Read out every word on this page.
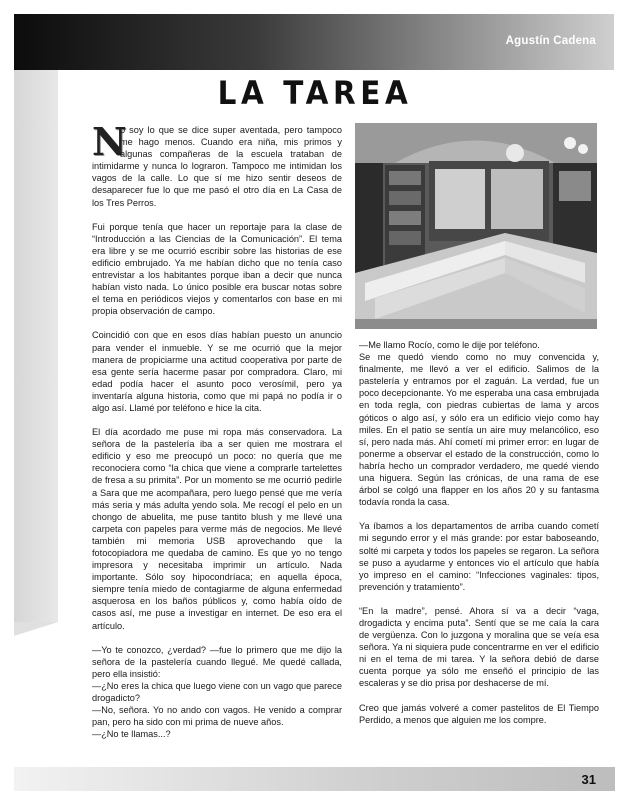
Agustín Cadena
LA TAREA

N
o soy lo que se dice super aventada, pero tampoco me hago menos. Cuando era niña, mis primos y algunas compañeras de la escuela trataban de intimidarme y nunca lo lograron. Tampoco me intimidan los vagos de la calle. Lo que sí me hizo sentir deseos de desaparecer fue lo que me pasó el otro día en La Casa de los Tres Perros.

Fui porque tenía que hacer un reportaje para la clase de “Introducción a las Ciencias de la Comunicación”. El tema era libre y se me ocurrió escribir sobre las historias de ese edificio embrujado. Ya me habían dicho que no tenía caso entrevistar a los habitantes porque iban a decir que nunca habían visto nada. Lo único posible era buscar notas sobre el tema en periódicos viejos y comentarlos con base en mi propia observación de campo.

Coincidió con que en esos días habían puesto un anuncio para vender el inmueble. Y se me ocurrió que la mejor manera de propiciarme una actitud cooperativa por parte de esa gente sería hacerme pasar por compradora. Claro, mi edad podía hacer el asunto poco verosímil, pero ya inventaría alguna historia, como que mi papá no podía ir o algo así. Llamé por teléfono e hice la cita.

El día acordado me puse mi ropa más conservadora. La señora de la pastelería iba a ser quien me mostrara el edificio y eso me preocupó un poco: no quería que me reconociera como “la chica que viene a comprarle tartelettes de fresa a su primita”. Por un momento se me ocurrió pedirle a Sara que me acompañara, pero luego pensé que me vería más seria y más adulta yendo sola. Me recogí el pelo en un chongo de abuelita, me puse tantito blush y me llevé una carpeta con papeles para verme más de negocios. Me llevé también mi memoria USB aprovechando que la fotocopiadora me quedaba de camino. Es que yo no tengo impresora y necesitaba imprimir un artículo. Nada importante. Sólo soy hipocondríaca; en aquella época, siempre tenía miedo de contagiarme de alguna enfermedad asquerosa en los baños públicos y, como había oído de casos así, me puse a investigar en internet. De eso era el artículo.

—Yo te conozco, ¿verdad? —fue lo primero que me dijo la señora de la pastelería cuando llegué. Me quedé callada, pero ella insistió:

—¿No eres la chica que luego viene con un vago que parece drogadicto?

—No, señora. Yo no ando con vagos. He venido a comprar pan, pero ha sido con mi prima de nueve años.

—¿No te llamas...?

—Me llamo Rocío, como le dije por teléfono.

Se me quedó viendo como no muy convencida y, finalmente, me llevó a ver el edificio. Salimos de la pastelería y entramos por el zaguán. La verdad, fue un poco decepcionante. Yo me esperaba una casa embrujada en toda regla, con piedras cubiertas de lama y arcos góticos o algo así, y sólo era un edificio viejo como hay miles. En el patio se sentía un aire muy melancólico, eso sí, pero nada más. Ahí cometí mi primer error: en lugar de ponerme a observar el estado de la construcción, como lo habría hecho un comprador verdadero, me quedé viendo una higuera. Según las crónicas, de una rama de ese árbol se colgó una flapper en los años 20 y su fantasma todavía ronda la casa.

Ya íbamos a los departamentos de arriba cuando cometí mi segundo error y el más grande: por estar baboseando, solté mi carpeta y todos los papeles se regaron. La señora se puso a ayudarme y entonces vio el artículo que había yo impreso en el camino: “Infecciones vaginales: tipos, prevención y tratamiento”.

“En la madre”, pensé. Ahora sí va a decir “vaga, drogadicta y encima puta”. Sentí que se me caía la cara de vergüenza. Con lo juzgona y moralina que se veía esa señora. Ya ni siquiera pude concentrarme en ver el edificio ni en el tema de mi tarea. Y la señora debió de darse cuenta porque ya sólo me enseñó el principio de las escaleras y se dio prisa por deshacerse de mí.

Creo que jamás volveré a comer pastelitos de El Tiempo Perdido, a menos que alguien me los compre.

31
